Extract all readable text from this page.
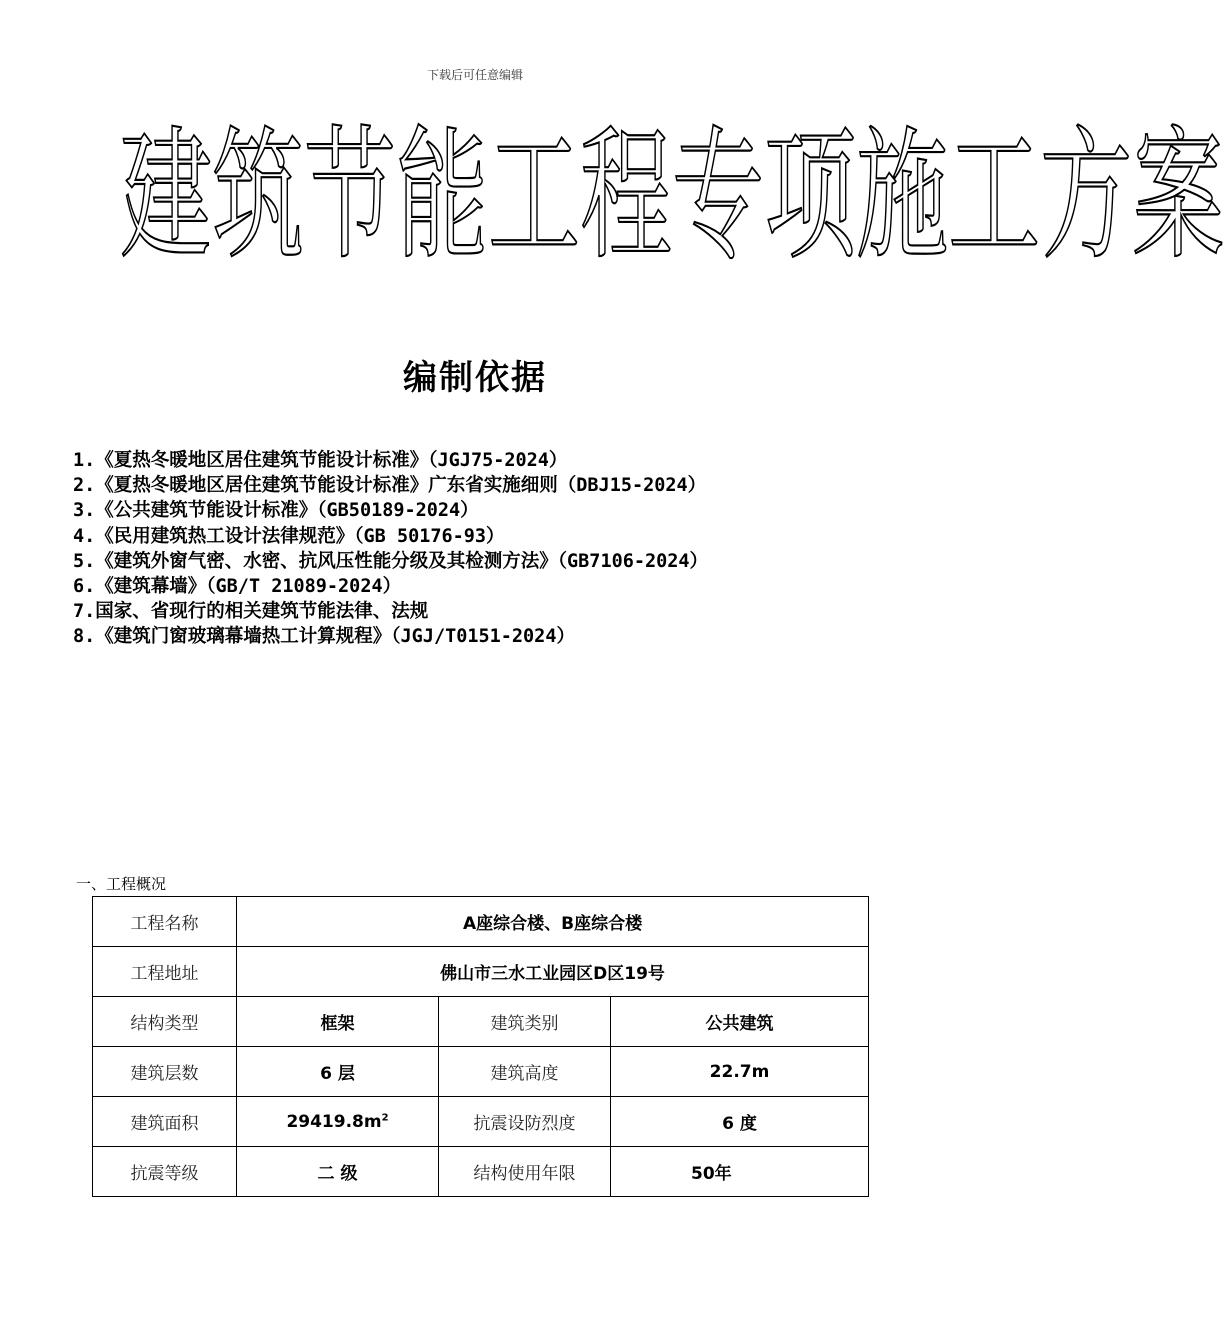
下载后可任意编辑
建 筑 节 能 工 程 专 项 施 工 方 案
编制依据
1.《夏热冬暖地区居住建筑节能设计标准》（JGJ75-2024）
2.《夏热冬暖地区居住建筑节能设计标准》广东省实施细则（DBJ15-2024）
3.《公共建筑节能设计标准》（GB50189-2024）
4.《民用建筑热工设计法律规范》（GB 50176-93）
5.《建筑外窗气密、水密、抗风压性能分级及其检测方法》（GB7106-2024）
6.《建筑幕墙》（GB/T 21089-2024）
7.国家、省现行的相关建筑节能法律、法规
8.《建筑门窗玻璃幕墙热工计算规程》（JGJ/T0151-2024）
一、工程概况
工程名称	A座综合楼、B座综合楼		
工程地址	佛山市三水工业园区D区19号		
结构类型	框架	建筑类别	公共建筑
建筑层数	6 层	建筑高度	22.7m
建筑面积	$29419.8m^2$	抗震设防烈度	6 度
抗震等级	二 级	结构使用年限	50年
